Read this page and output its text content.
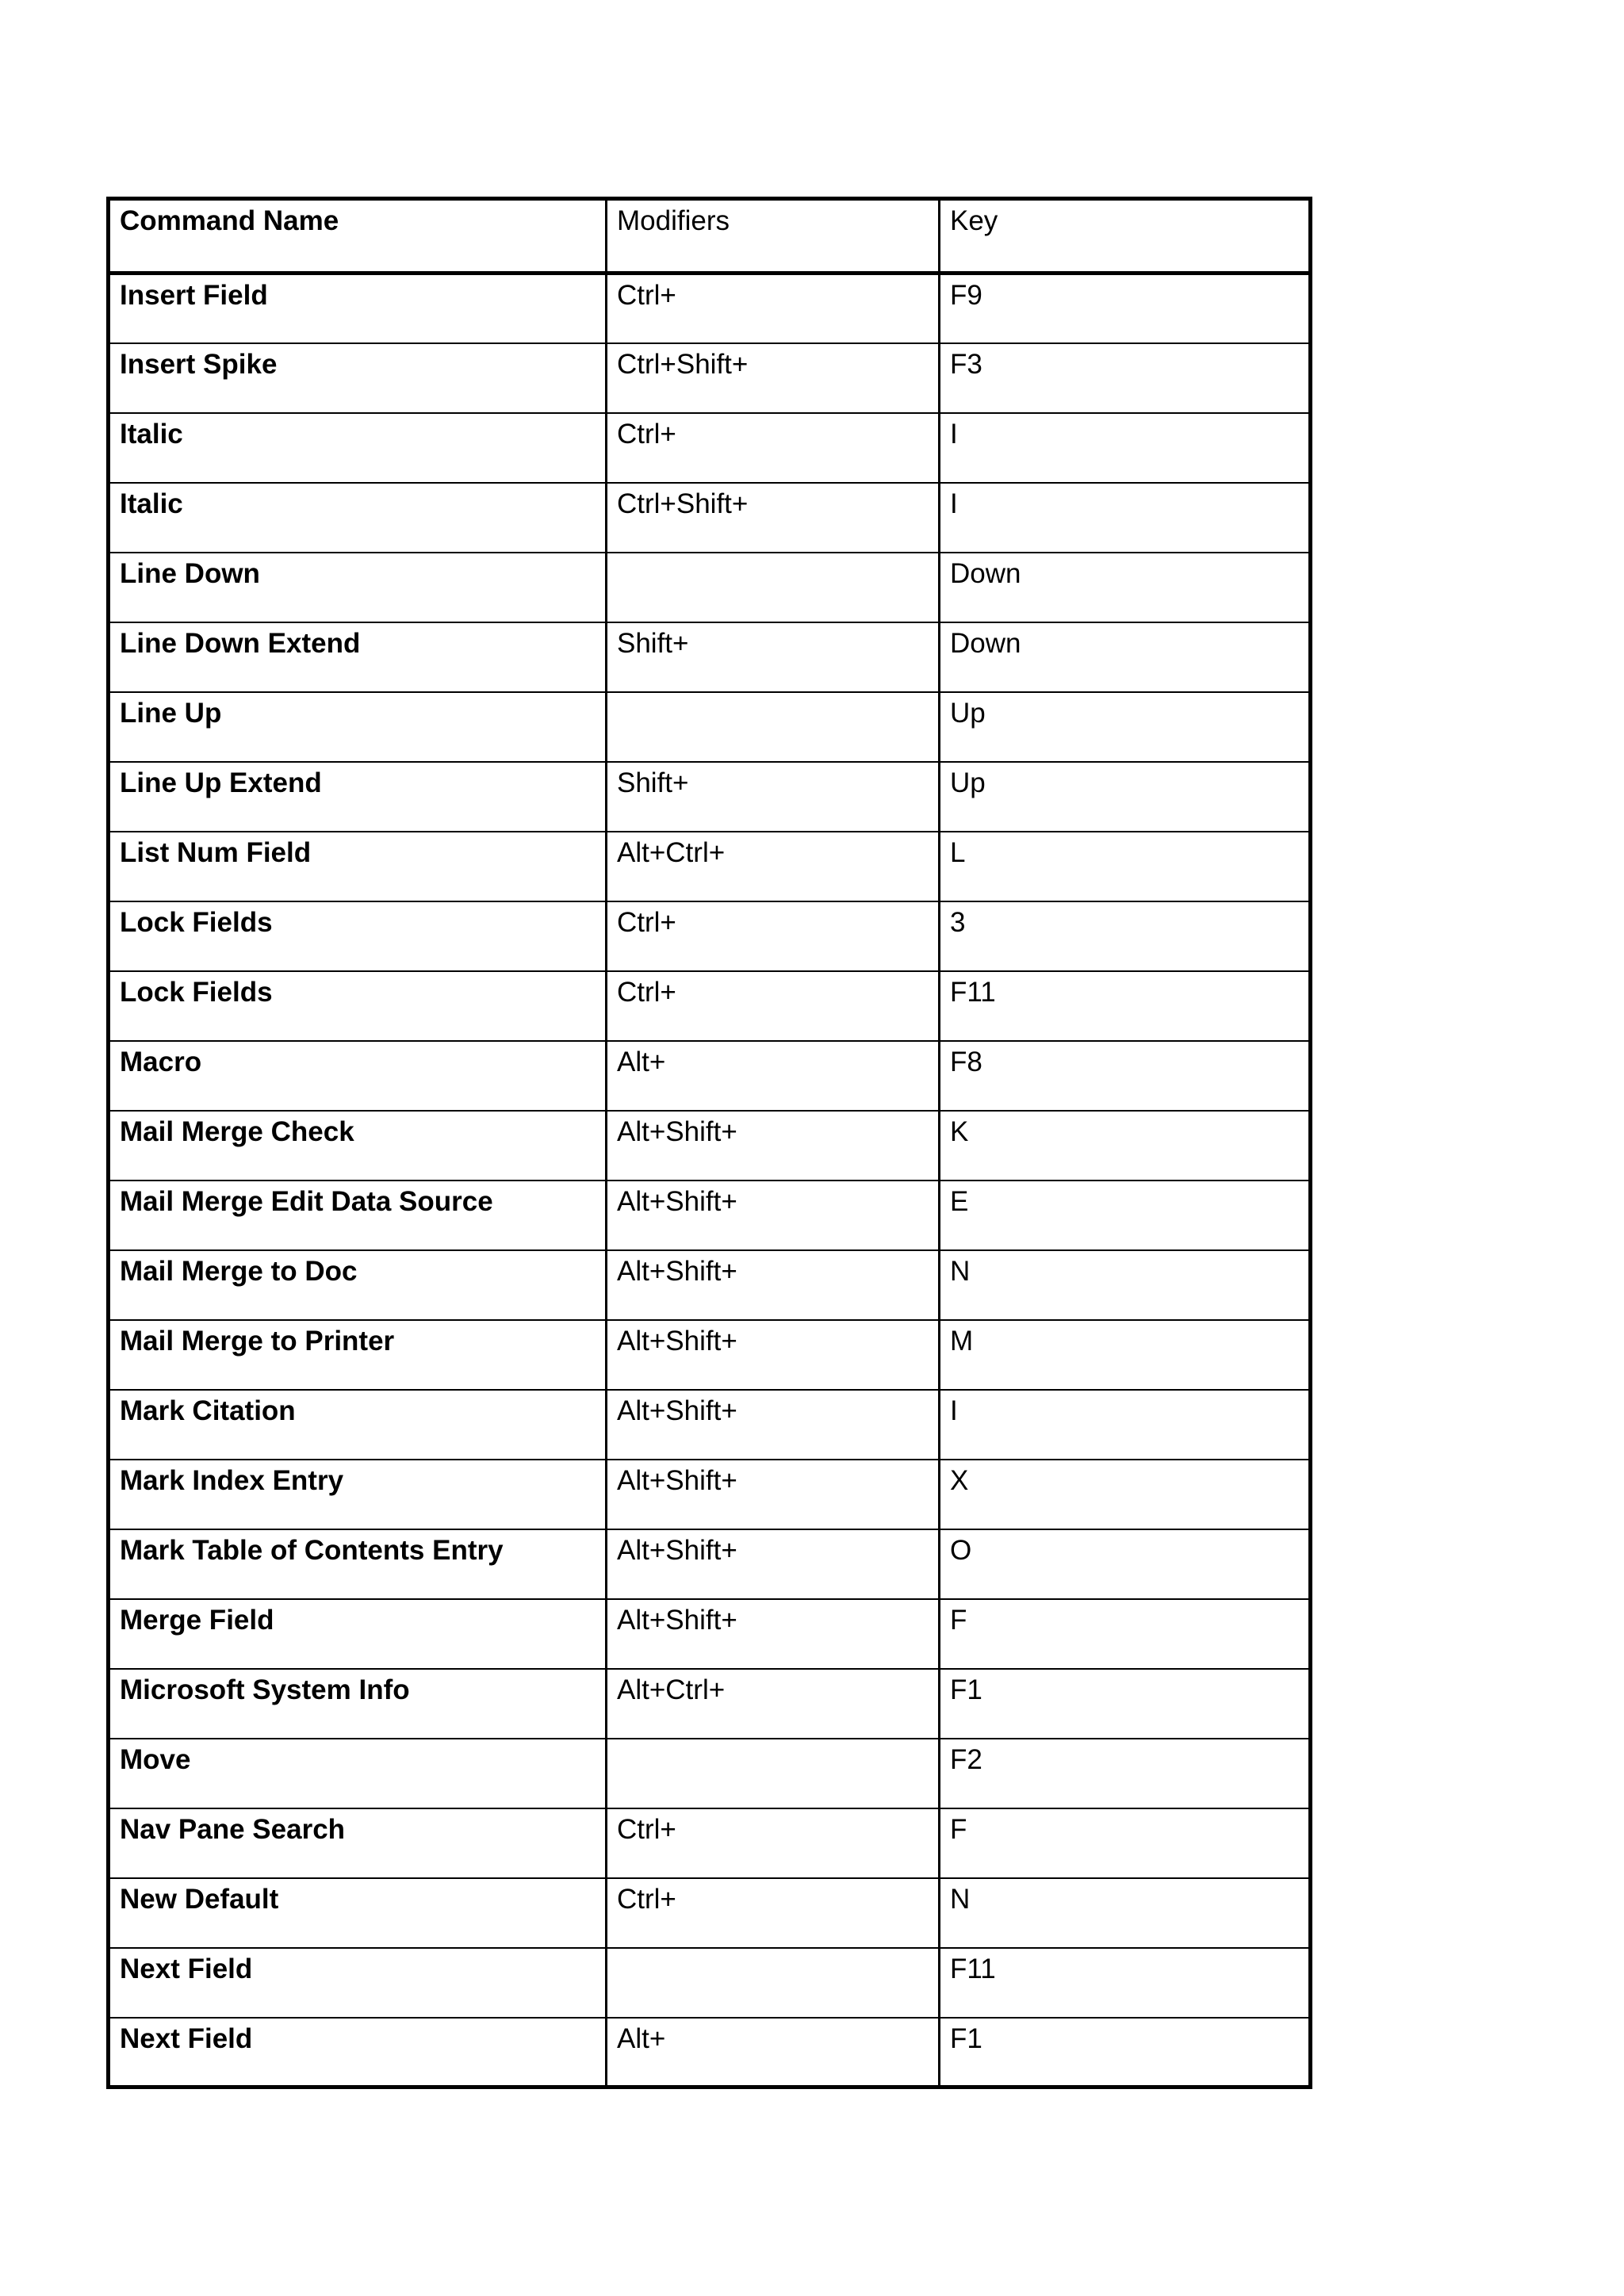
Command Name	Modifiers	Key
Insert Field	Ctrl+	F9
Insert Spike	Ctrl+Shift+	F3
Italic	Ctrl+	I
Italic	Ctrl+Shift+	I
Line Down		Down
Line Down Extend	Shift+	Down
Line Up		Up
Line Up Extend	Shift+	Up
List Num Field	Alt+Ctrl+	L
Lock Fields	Ctrl+	3
Lock Fields	Ctrl+	F11
Macro	Alt+	F8
Mail Merge Check	Alt+Shift+	K
Mail Merge Edit Data Source	Alt+Shift+	E
Mail Merge to Doc	Alt+Shift+	N
Mail Merge to Printer	Alt+Shift+	M
Mark Citation	Alt+Shift+	I
Mark Index Entry	Alt+Shift+	X
Mark Table of Contents Entry	Alt+Shift+	O
Merge Field	Alt+Shift+	F
Microsoft System Info	Alt+Ctrl+	F1
Move		F2
Nav Pane Search	Ctrl+	F
New Default	Ctrl+	N
Next Field		F11
Next Field	Alt+	F1
